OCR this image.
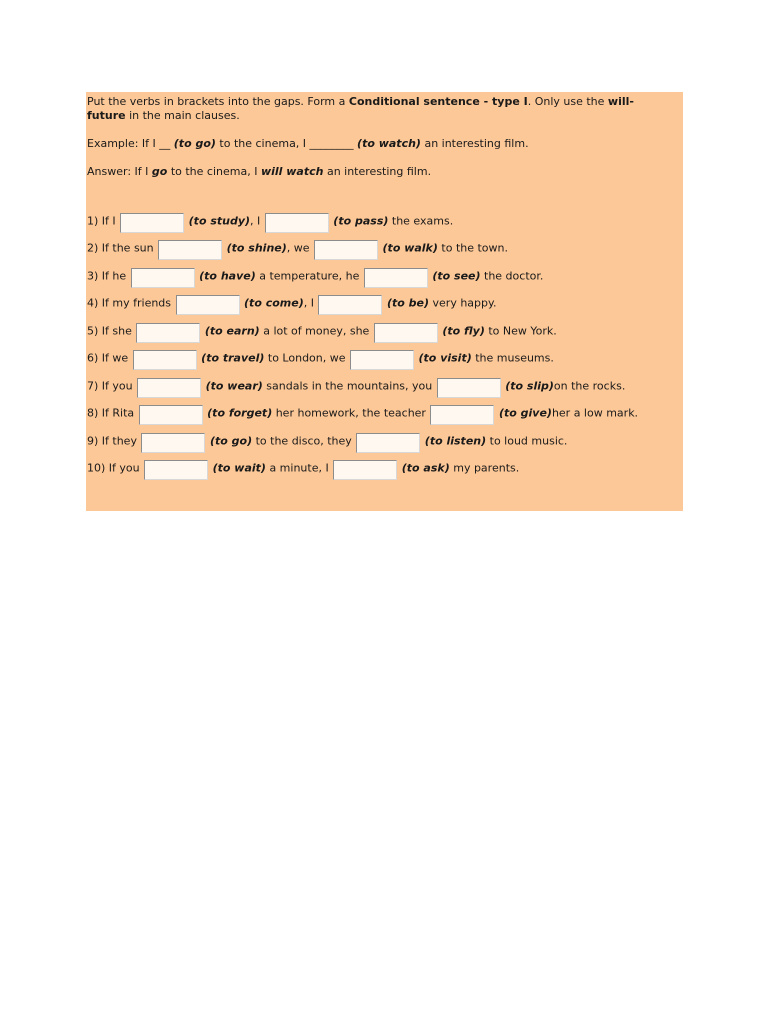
Put the verbs in brackets into the gaps. Form a Conditional sentence - type I. Only use the will-future in the main clauses.

Example: If I __ (to go) to the cinema, I ________ (to watch) an interesting film.

Answer: If I go to the cinema, I will watch an interesting film.

1) If I	(to study), I	(to pass) the exams.
2) If the sun	(to shine), we	(to walk) to the town.
3) If he	(to have) a temperature, he	(to see) the doctor.
4) If my friends	(to come), I	(to be) very happy.
5) If she	(to earn) a lot of money, she	(to fly) to New York.
6) If we	(to travel) to London, we	(to visit) the museums.
7) If you	(to wear) sandals in the mountains, you	(to slip)on the rocks.
8) If Rita	(to forget) her homework, the teacher	(to give)her a low mark.
9) If they	(to go) to the disco, they	(to listen) to loud music.
10) If you	(to wait) a minute, I	(to ask) my parents.
